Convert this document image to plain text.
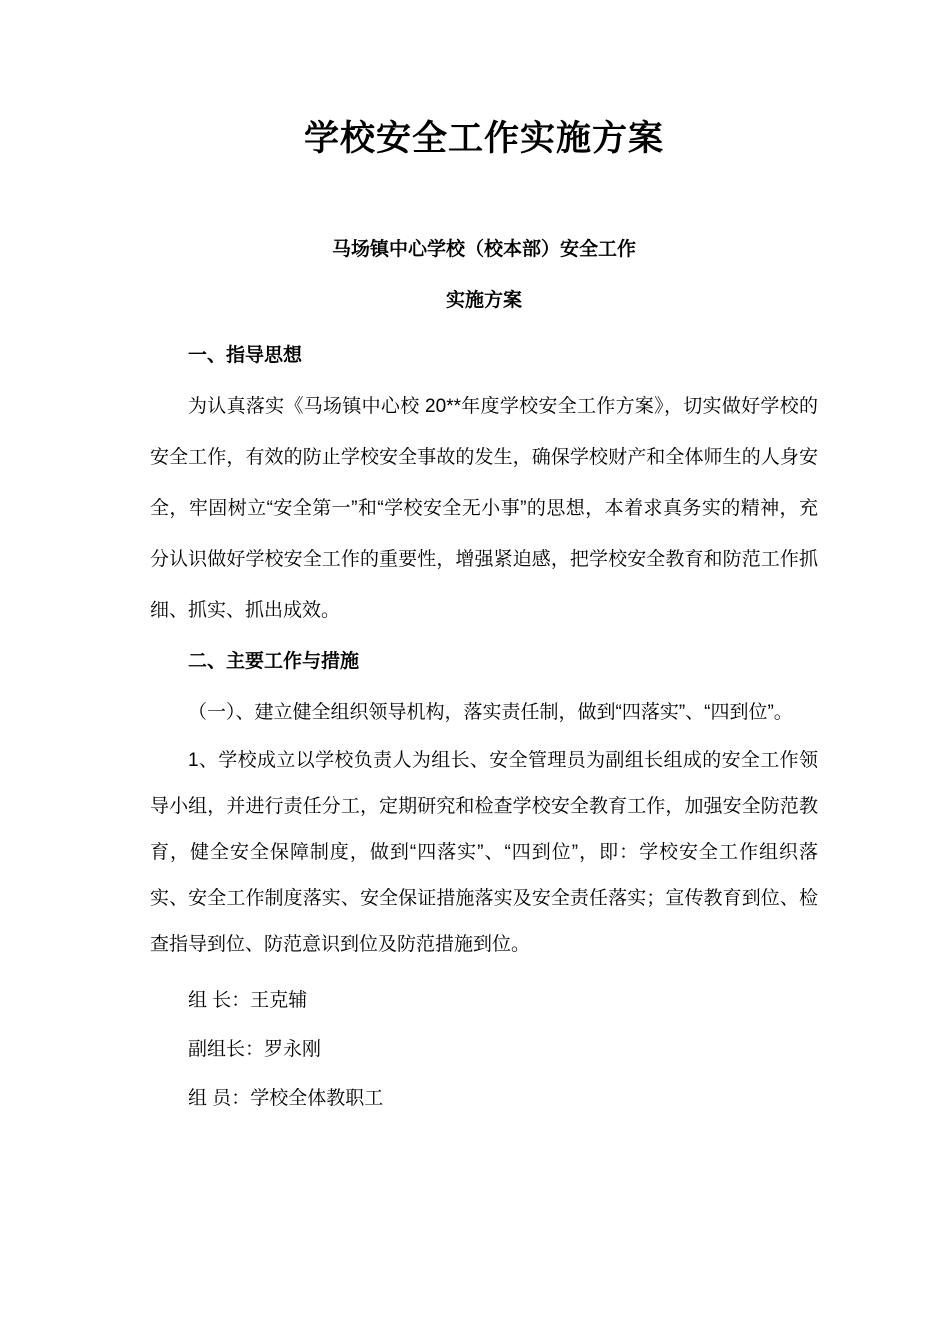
学校安全工作实施方案

马场镇中心学校（校本部）安全工作

实施方案

一、指导思想

为认真落实《马场镇中心校 20**年度学校安全工作方案》，切实做好学校的安全工作，有效的防止学校安全事故的发生，确保学校财产和全体师生的人身安全，牢固树立“安全第一”和“学校安全无小事”的思想，本着求真务实的精神，充分认识做好学校安全工作的重要性，增强紧迫感，把学校安全教育和防范工作抓细、抓实、抓出成效。

二、主要工作与措施

（一）、建立健全组织领导机构，落实责任制，做到“四落实”、“四到位”。

1、学校成立以学校负责人为组长、安全管理员为副组长组成的安全工作领导小组，并进行责任分工，定期研究和检查学校安全教育工作，加强安全防范教育，健全安全保障制度，做到“四落实”、“四到位”，即：学校安全工作组织落实、安全工作制度落实、安全保证措施落实及安全责任落实；宣传教育到位、检查指导到位、防范意识到位及防范措施到位。

组 长：王克辅

副组长：罗永刚

组 员：学校全体教职工
